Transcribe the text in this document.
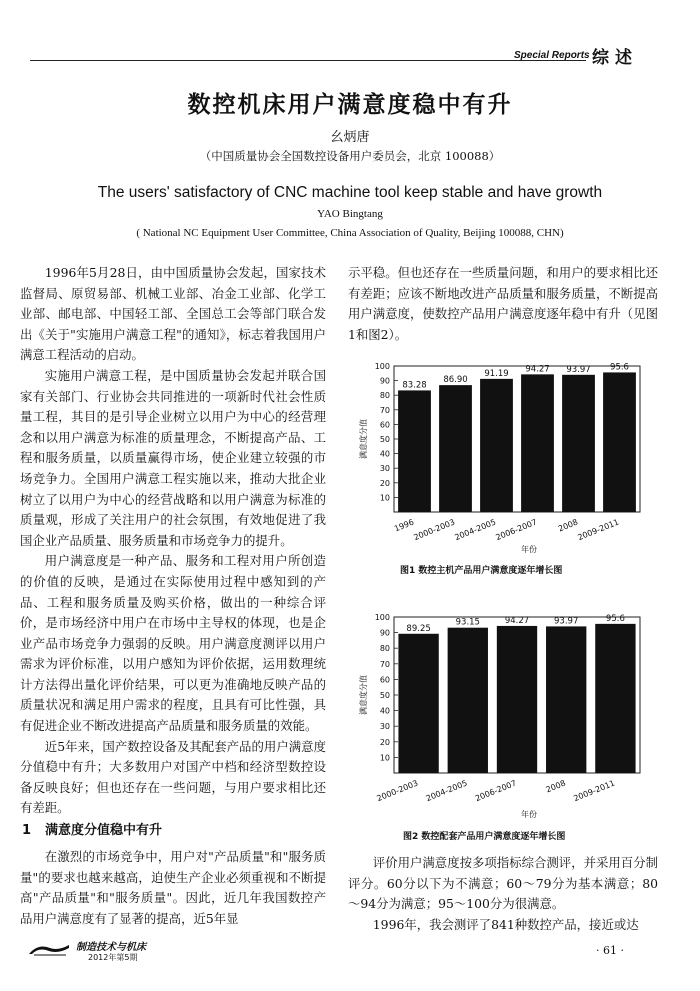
Special Reports 综述
数控机床用户满意度稳中有升
幺炳唐
（中国质量协会全国数控设备用户委员会，北京 100088）
The users' satisfactory of CNC machine tool keep stable and have growth
YAO Bingtang
( National NC Equipment User Committee, China Association of Quality, Beijing 100088, CHN)

1996年5月28日，由中国质量协会发起，国家技术监督局、原贸易部、机械工业部、冶金工业部、化学工业部、邮电部、中国轻工部、全国总工会等部门联合发出《关于"实施用户满意工程"的通知》，标志着我国用户满意工程活动的启动。

实施用户满意工程，是中国质量协会发起并联合国家有关部门、行业协会共同推进的一项新时代社会性质量工程，其目的是引导企业树立以用户为中心的经营理念和以用户满意为标准的质量理念，不断提高产品、工程和服务质量，以质量赢得市场，使企业建立较强的市场竞争力。全国用户满意工程实施以来，推动大批企业树立了以用户为中心的经营战略和以用户满意为标准的质量观，形成了关注用户的社会氛围，有效地促进了我国企业产品质量、服务质量和市场竞争力的提升。

用户满意度是一种产品、服务和工程对用户所创造的价值的反映，是通过在实际使用过程中感知到的产品、工程和服务质量及购买价格，做出的一种综合评价，是市场经济中用户在市场中主导权的体现，也是企业产品市场竞争力强弱的反映。用户满意度测评以用户需求为评价标准，以用户感知为评价依据，运用数理统计方法得出量化评价结果，可以更为准确地反映产品的质量状况和满足用户需求的程度，且具有可比性强，具有促进企业不断改进提高产品质量和服务质量的效能。

近5年来，国产数控设备及其配套产品的用户满意度分值稳中有升；大多数用户对国产中档和经济型数控设备反映良好；但也还存在一些问题，与用户要求相比还有差距。

1 满意度分值稳中有升

在激烈的市场竞争中，用户对"产品质量"和"服务质量"的要求也越来越高，迫使生产企业必须重视和不断提高"产品质量"和"服务质量"。因此，近几年我国数控产品用户满意度有了显著的提高，近5年显

示平稳。但也还存在一些质量问题，和用户的要求相比还有差距；应该不断地改进产品质量和服务质量，不断提高用户满意度，使数控产品用户满意度逐年稳中有升（见图1和图2）。

10
20
30
40
50
60
70
80
90
100
83.28
1996
86.90
2000-2003
91.19
2004-2005
94.27
2006-2007
93.97
2008
95.6
2009-2011
满意度分值
年份
图1 数控主机产品用户满意度逐年增长图
10
20
30
40
50
60
70
80
90
100
89.25
2000-2003
93.15
2004-2005
94.27
2006-2007
93.97
2008
95.6
2009-2011
满意度分值
年份
图2 数控配套产品用户满意度逐年增长图

评价用户满意度按多项指标综合测评，并采用百分制评分。60分以下为不满意；60～79分为基本满意；80～94分为满意；95～100分为很满意。

1996年，我会测评了841种数控产品，接近或达

制造技术与机床
2012年第5期
· 61 ·
